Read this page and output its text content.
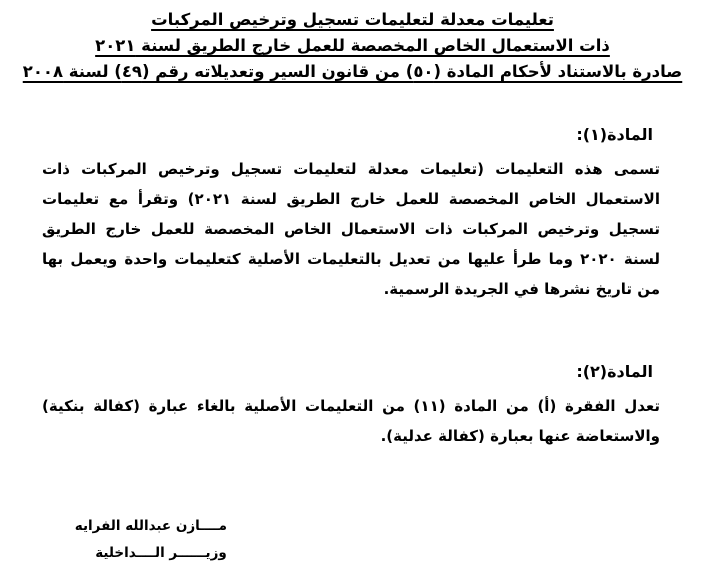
تعليمات معدلة لتعليمات تسجيل وترخيص المركبات
ذات الاستعمال الخاص المخصصة للعمل خارج الطريق لسنة ٢٠٢١
صادرة بالاستناد لأحكام المادة (٥٠) من قانون السير وتعديلاته رقم (٤٩) لسنة ٢٠٠٨
المادة(١):

تسمى هذه التعليمات (تعليمات معدلة لتعليمات تسجيل وترخيص المركبات ذات الاستعمال الخاص المخصصة للعمل خارج الطريق لسنة ٢٠٢١) وتقرأ مع تعليمات تسجيل وترخيص المركبات ذات الاستعمال الخاص المخصصة للعمل خارج الطريق لسنة ٢٠٢٠ وما طرأ عليها من تعديل بالتعليمات الأصلية كتعليمات واحدة ويعمل بها من تاريخ نشرها في الجريدة الرسمية.

المادة(٢):

تعدل الفقرة (أ) من المادة (١١) من التعليمات الأصلية بالغاء عبارة (كفالة بنكية) والاستعاضة عنها بعبارة (كفالة عدلية).

مــــازن عبدالله الفرايه
وزيــــــر الــــداخلية
